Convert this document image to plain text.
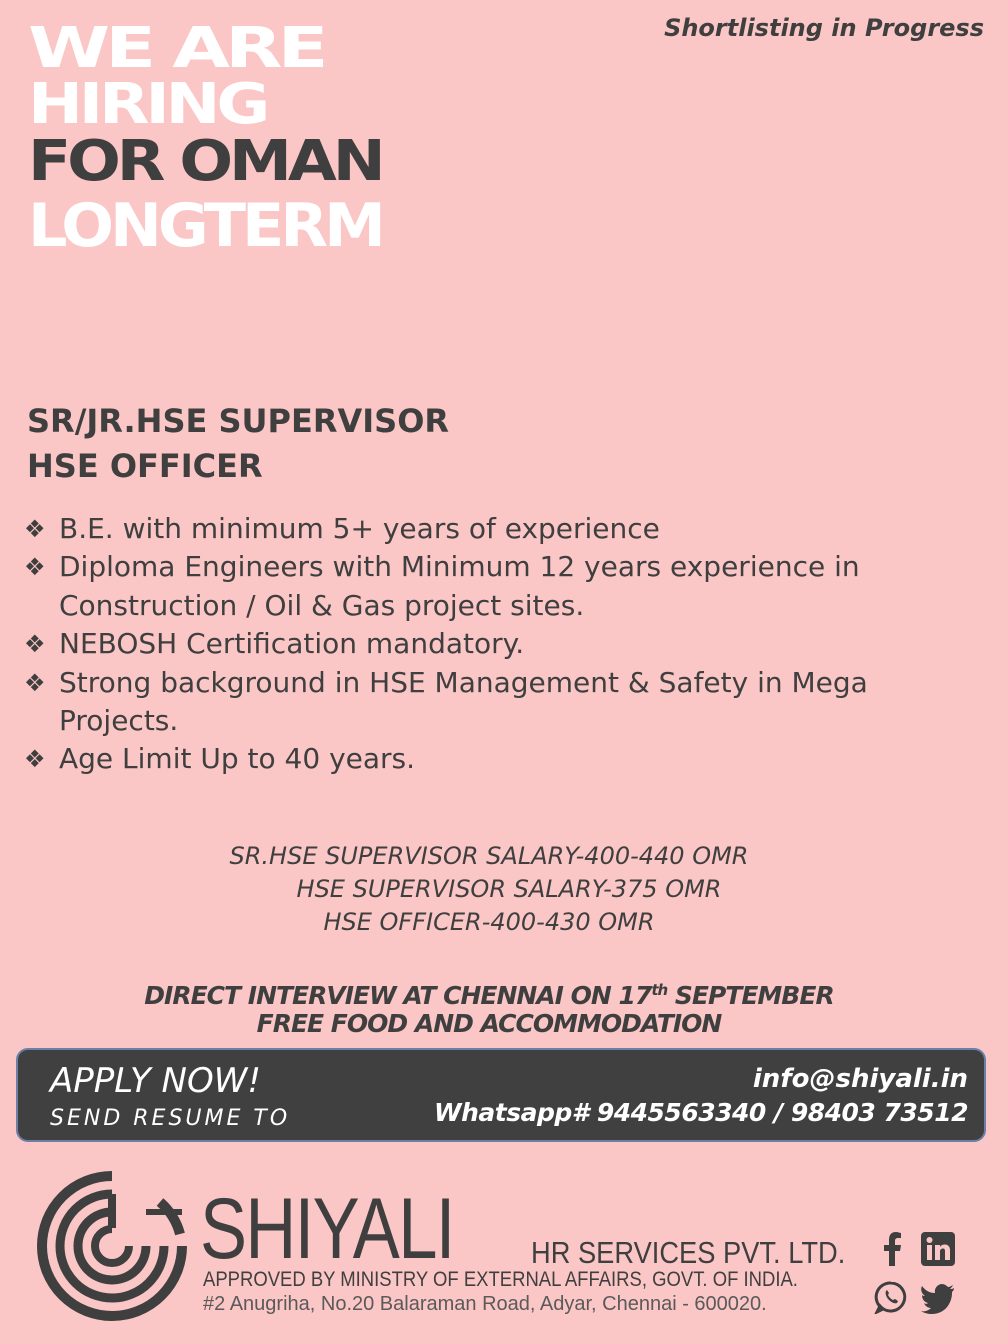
Shortlisting in Progress
WE ARE
HIRING
FOR OMAN
LONGTERM
SR/JR.HSE SUPERVISOR
HSE OFFICER
❖ B.E. with minimum 5+ years of experience
❖ Diploma Engineers with Minimum 12 years experience in Construction / Oil & Gas project sites.
❖ NEBOSH Certification mandatory.
❖ Strong background in HSE Management & Safety in Mega Projects.
❖ Age Limit Up to 40 years.
SR.HSE SUPERVISOR SALARY-400-440 OMR
HSE SUPERVISOR SALARY-375 OMR
HSE OFFICER-400-430 OMR
DIRECT INTERVIEW AT CHENNAI ON 17th SEPTEMBER
FREE FOOD AND ACCOMMODATION
APPLY NOW!
SEND RESUME TO
info@shiyali.in
Whatsapp# 9445563340 / 98403 73512
SHIYALI HR SERVICES PVT. LTD.
APPROVED BY MINISTRY OF EXTERNAL AFFAIRS, GOVT. OF INDIA.
#2 Anugriha, No.20 Balaraman Road, Adyar, Chennai - 600020.
